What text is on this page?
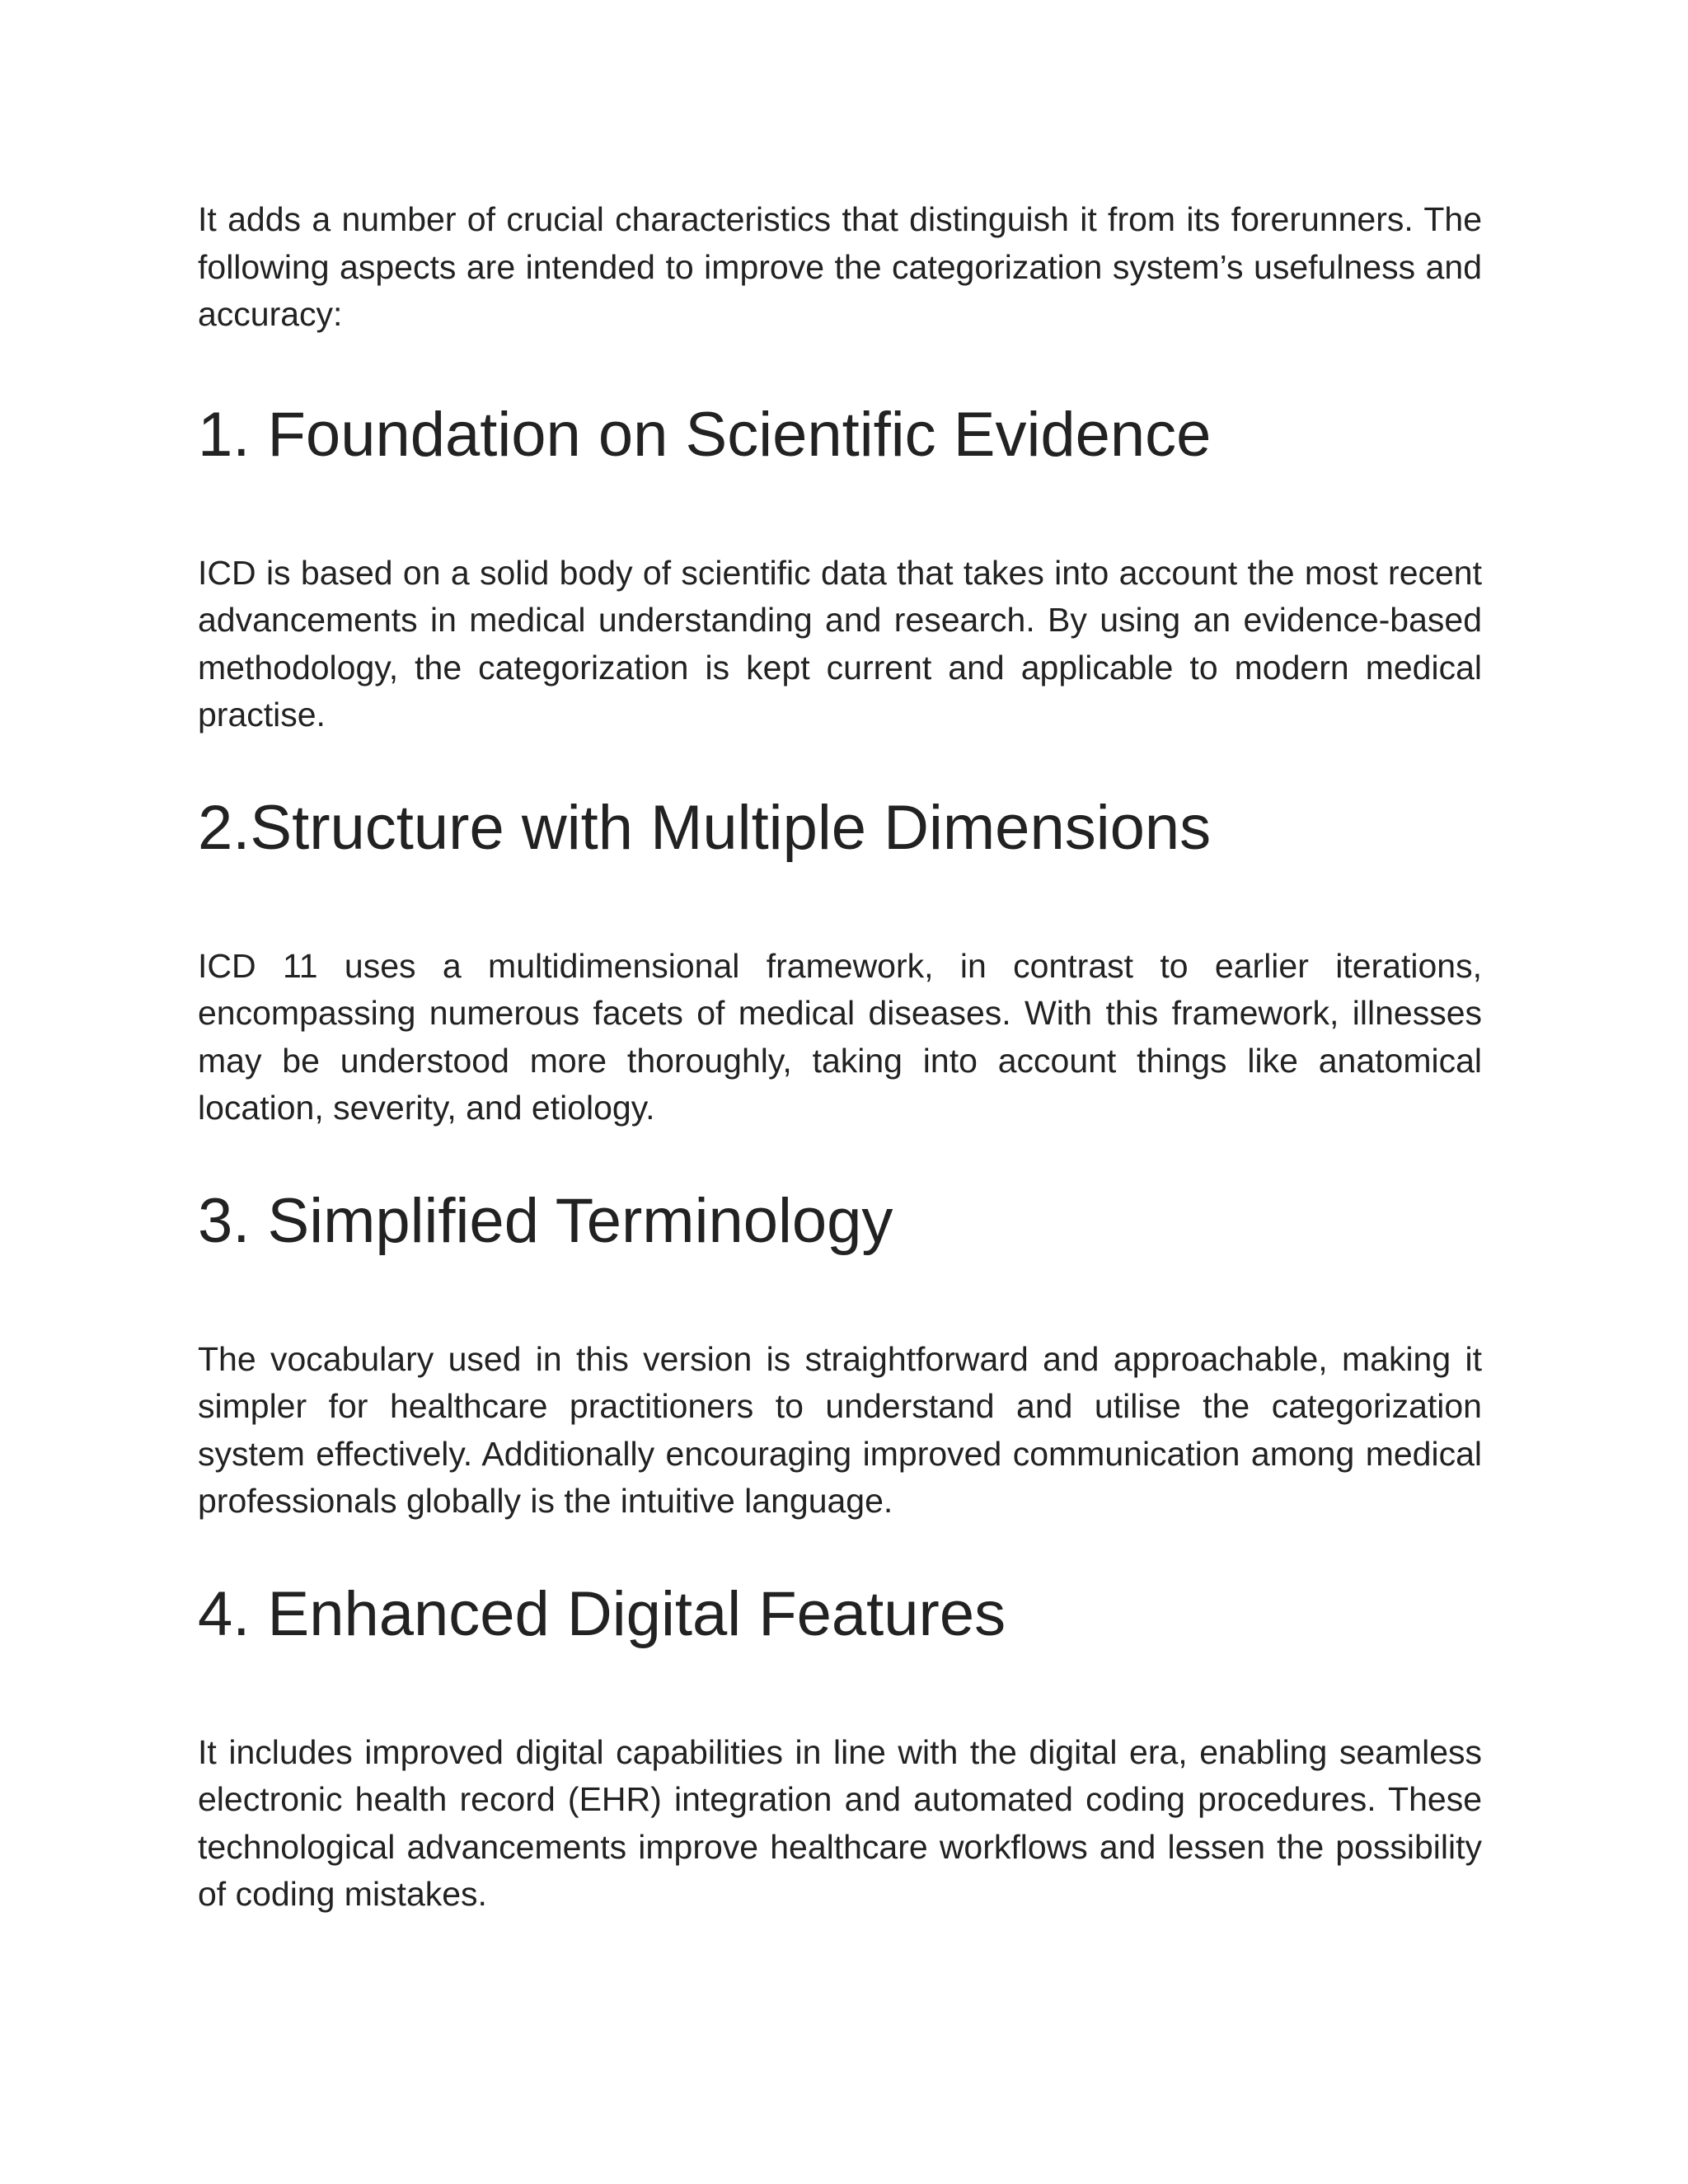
It adds a number of crucial characteristics that distinguish it from its forerunners. The following aspects are intended to improve the categorization system’s usefulness and accuracy:

1. Foundation on Scientific Evidence

ICD is based on a solid body of scientific data that takes into account the most recent advancements in medical understanding and research. By using an evidence-based methodology, the categorization is kept current and applicable to modern medical practise.

2.Structure with Multiple Dimensions

ICD 11 uses a multidimensional framework, in contrast to earlier iterations, encompassing numerous facets of medical diseases. With this framework, illnesses may be understood more thoroughly, taking into account things like anatomical location, severity, and etiology.

3. Simplified Terminology

The vocabulary used in this version is straightforward and approachable, making it simpler for healthcare practitioners to understand and utilise the categorization system effectively. Additionally encouraging improved communication among medical professionals globally is the intuitive language.

4. Enhanced Digital Features

It includes improved digital capabilities in line with the digital era, enabling seamless electronic health record (EHR) integration and automated coding procedures. These technological advancements improve healthcare workflows and lessen the possibility of coding mistakes.
